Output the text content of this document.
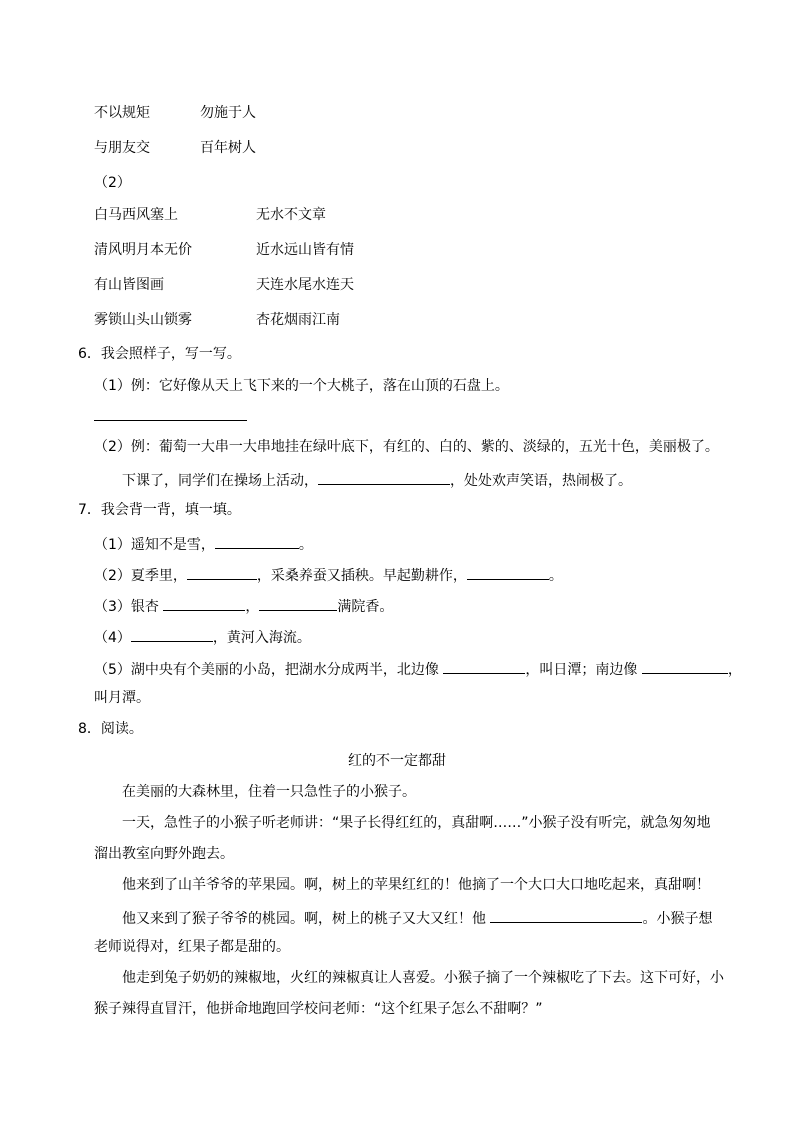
不以规矩	勿施于人
与朋友交	百年树人
（2）
白马西风塞上	无水不文章
清风明月本无价	近水远山皆有情
有山皆图画	天连水尾水连天
雾锁山头山锁雾	杏花烟雨江南
6．我会照样子，写一写。
（1）例：它好像从天上飞下来的一个大桃子，落在山顶的石盘上。
（2）例：葡萄一大串一大串地挂在绿叶底下，有红的、白的、紫的、淡绿的，五光十色，美丽极了。
下课了，同学们在操场上活动，	，处处欢声笑语，热闹极了。
7．我会背一背，填一填。
（1）遥知不是雪，	。
（2）夏季里，	，采桑养蚕又插秧。早起勤耕作，	。
（3）银杏	，	满院香。
（4）	，黄河入海流。
（5）湖中央有个美丽的小岛，把湖水分成两半，北边像	，叫日潭；南边像	，
叫月潭。
8．阅读。
红的不一定都甜
在美丽的大森林里，住着一只急性子的小猴子。
一天，急性子的小猴子听老师讲：“果子长得红红的，真甜啊……”小猴子没有听完，就急匆匆地
溜出教室向野外跑去。
他来到了山羊爷爷的苹果园。啊，树上的苹果红红的！他摘了一个大口大口地吃起来，真甜啊！
他又来到了猴子爷爷的桃园。啊，树上的桃子又大又红！他	。小猴子想
老师说得对，红果子都是甜的。
他走到兔子奶奶的辣椒地，火红的辣椒真让人喜爱。小猴子摘了一个辣椒吃了下去。这下可好，小
猴子辣得直冒汗，他拼命地跑回学校问老师：“这个红果子怎么不甜啊？”
